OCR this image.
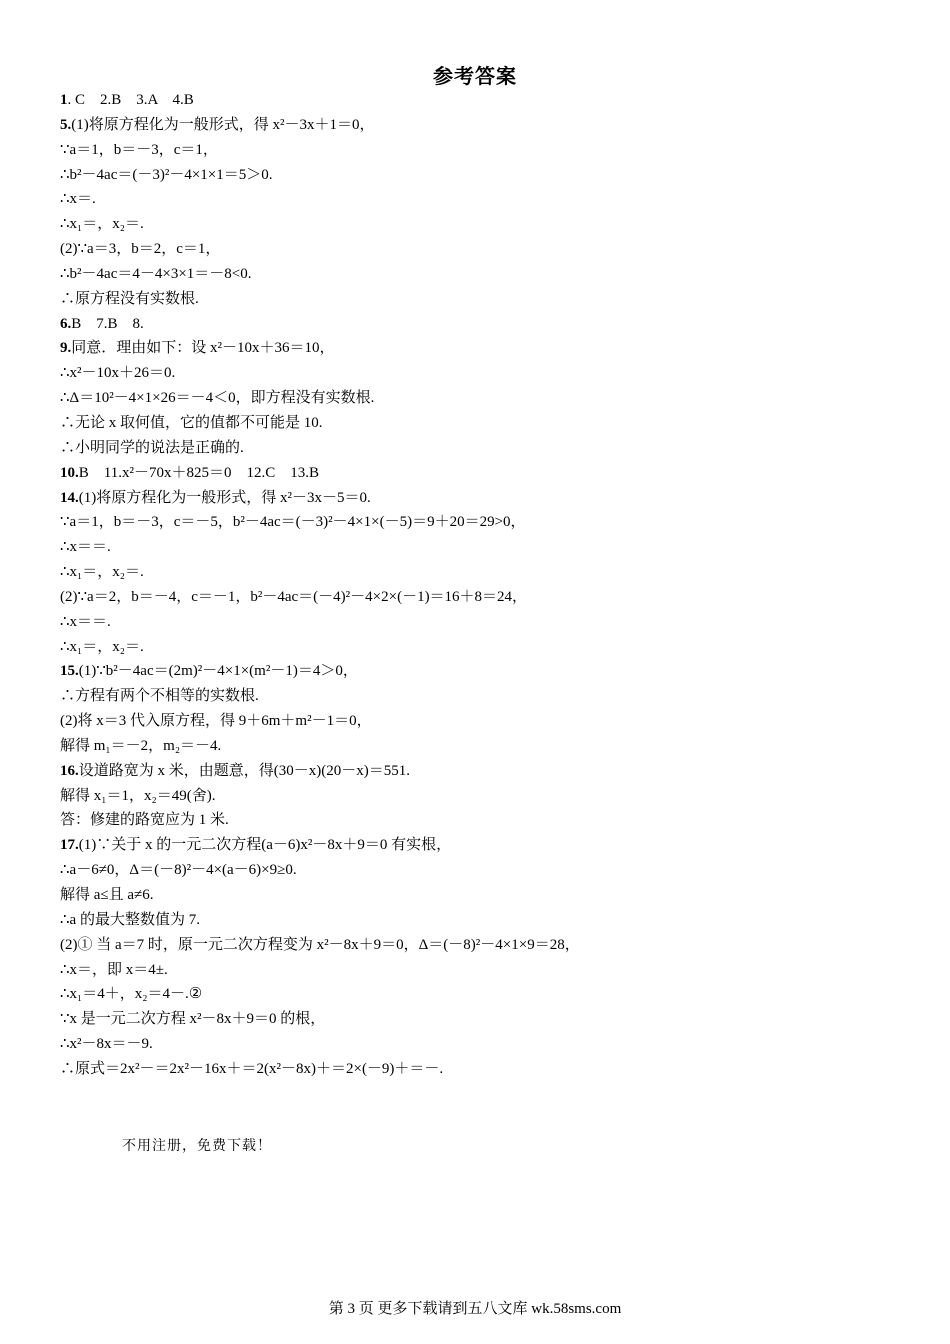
参考答案
1. C　2.B　3.A　4.B
5.(1)将原方程化为一般形式，得 x²－3x＋1＝0，
∵a＝1，b＝－3，c＝1，
∴b²－4ac＝(－3)²－4×1×1＝5＞0.
∴x＝.
∴x₁＝，x₂＝.
(2)∵a＝3，b＝2，c＝1，
∴b²－4ac＝4－4×3×1＝－8<0.
∴原方程没有实数根.
6.B　7.B　8.
9.同意．理由如下：设 x²－10x＋36＝10，
∴x²－10x＋26＝0.
∴Δ＝10²－4×1×26＝－4＜0，即方程没有实数根.
∴无论 x 取何值，它的值都不可能是 10.
∴小明同学的说法是正确的.
10.B　11.x²－70x＋825＝0　12.C　13.B
14.(1)将原方程化为一般形式，得 x²－3x－5＝0.
∵a＝1，b＝－3，c＝－5，b²－4ac＝(－3)²－4×1×(－5)＝9＋20＝29>0，
∴x＝＝.
∴x₁＝，x₂＝.
(2)∵a＝2，b＝－4，c＝－1，b²－4ac＝(－4)²－4×2×(－1)＝16＋8＝24，
∴x＝＝.
∴x₁＝，x₂＝.
15.(1)∵b²－4ac＝(2m)²－4×1×(m²－1)＝4＞0，
∴方程有两个不相等的实数根.
(2)将 x＝3 代入原方程，得 9＋6m＋m²－1＝0，
解得 m₁＝－2，m₂＝－4.
16.设道路宽为 x 米，由题意，得(30－x)(20－x)＝551.
解得 x₁＝1，x₂＝49(舍).
答：修建的路宽应为 1 米.
17.(1)∵关于 x 的一元二次方程(a－6)x²－8x＋9＝0 有实根，
∴a－6≠0，Δ＝(－8)²－4×(a－6)×9≥0.
解得 a≤且 a≠6.
∴a 的最大整数值为 7.
(2)① 当 a＝7 时，原一元二次方程变为 x²－8x＋9＝0，Δ＝(－8)²－4×1×9＝28，
∴x＝，即 x＝4±.
∴x₁＝4＋，x₂＝4－.②
∵x 是一元二次方程 x²－8x＋9＝0 的根，
∴x²－8x＝－9.
∴原式＝2x²－＝2x²－16x＋＝2(x²－8x)＋＝2×(－9)＋＝－.
不用注册，免费下载！
第 3 页 更多下载请到五八文库 wk.58sms.com
